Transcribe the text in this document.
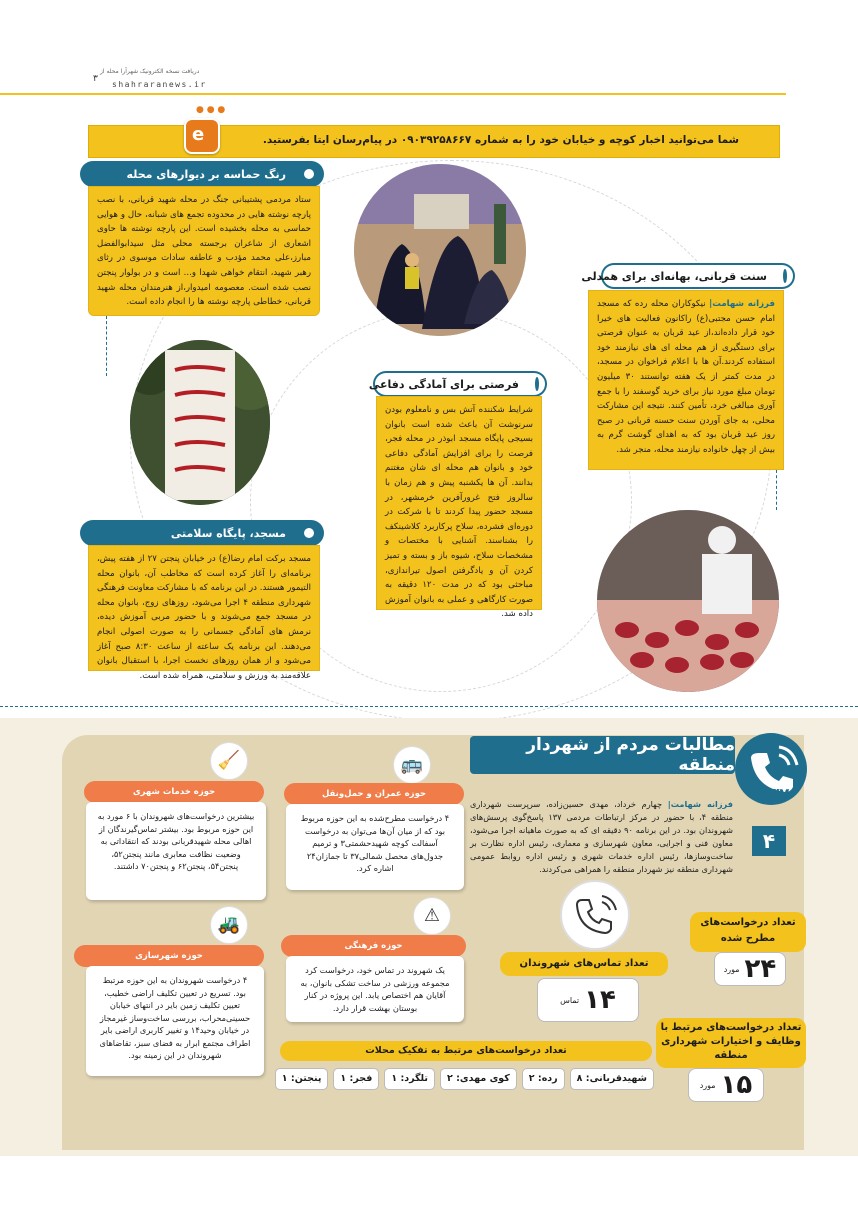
دریافت نسخه الکترونیک شهرآرا محله از
shahraranews.ir
۳
شما می‌توانید اخبار کوچه و خیابان خود را به شماره ۰۹۰۳۹۲۵۸۶۶۷ در پیام‌رسان ایتا بفرستید.
● ● ●
e
رنگ حماسه بر دیوارهای محله
ستاد مردمی پشتیبانی جنگ در محله شهید قربانی، با نصب پارچه نوشته هایی در محدوده تجمع های شبانه، حال و هوایی حماسی به محله بخشیده است. این پارچه نوشته ها حاوی اشعاری از شاعران برجسته محلی مثل سیدابوالفضل مبارز،علی محمد مؤدب و عاطفه سادات موسوی در رثای رهبر شهید، انتقام خواهی شهدا و... است و در بولوار پنجتن نصب شده است. معصومه امیدوار،از هنرمندان محله شهید قربانی، خطاطی پارچه نوشته ها را انجام داده است.
سنت قربانی، بهانه‌ای برای همدلی
فرزانه شهامت| نیکوکاران محله رده که مسجد امام حسن مجتبی(ع) راکانون فعالیت های خیرا خود قرار داده‌اند،از عید قربان به عنوان فرصتی برای دستگیری از هم محله ای های نیازمند خود استفاده کردند.آن ها با اعلام فراخوان در مسجد، در مدت کمتر از یک هفته توانستند ۳۰ میلیون تومان مبلغ مورد نیاز برای خرید گوسفند را با جمع آوری مبالغی خرد، تأمین کنند. نتیجه این مشارکت محلی، به جای آوردن سنت حسنه قربانی در صبح روز عید قربان بود که به اهدای گوشت گرم به بیش از چهل خانواده نیازمند محله، منجر شد.
فرصتی برای آمادگی دفاعی
شرایط شکننده آتش بس و نامعلوم بودن سرنوشت آن باعث شده است بانوان بسیجی پایگاه مسجد ابوذر در محله فجر، فرصت را برای افزایش آمادگی دفاعی خود و بانوان هم محله ای شان مغتنم بدانند. آن ها یکشنبه پیش و هم زمان با سالروز فتح غرورآفرین خرمشهر، در مسجد حضور پیدا کردند تا با شرکت در دوره‌ای فشرده، سلاح پرکاربرد کلاشینکف را بشناسند. آشنایی با مختصات و مشخصات سلاح، شیوه باز و بسته و تمیز کردن آن و یادگرفتن اصول تیراندازی، مباحثی بود که در مدت ۱۲۰ دقیقه به صورت کارگاهی و عملی به بانوان آموزش داده شد.
مسجد، پایگاه سلامتی
مسجد برکت امام رضا(ع) در خیابان پنجتن ۲۷ از هفته پیش، برنامه‌ای را آغاز کرده است که مخاطب آن، بانوان محله التیمور هستند. در این برنامه که با مشارکت معاونت فرهنگی شهرداری منطقه ۴ اجرا می‌شود، روزهای زوج، بانوان محله در مسجد جمع می‌شوند و با حضور مربی آموزش دیده، نرمش های آمادگی جسمانی را به صورت اصولی انجام می‌دهند. این برنامه یک ساعته از ساعت ۸:۳۰ صبح آغاز می‌شود و از همان روزهای نخست اجرا، با استقبال بانوان علاقه‌مند به ورزش و سلامتی، همراه شده است.
مطالبات مردم از شهردار منطقه
۱۳۷
فرزانه شهامت| چهارم خرداد، مهدی حسین‌زاده، سرپرست شهرداری منطقه ۴، با حضور در مرکز ارتباطات مردمی ۱۳۷ پاسخ‌گوی پرسش‌های شهروندان بود. در این برنامه ۹۰ دقیقه ای که به صورت ماهیانه اجرا می‌شود، معاون فنی و اجرایی، معاون شهرسازی و معماری، رئیس اداره نظارت بر ساخت‌وسازها، رئیس اداره خدمات شهری و رئیس اداره روابط عمومی شهرداری منطقه نیز شهردار منطقه را همراهی می‌کردند.
۴
🧹
حوزه خدمات شهری
بیشترین درخواست‌های شهروندان با ۶ مورد به این حوزه مربوط بود. بیشتر تماس‌گیرندگان از اهالی محله شهیدقربانی بودند که انتقاداتی به وضعیت نظافت معابری مانند پنجتن۵۲، پنجتن۵۴، پنجتن۶۲ و پنجتن۷۰ داشتند.
🚌
حوزه عمران و حمل‌ونقل
۴ درخواست مطرح‌شده به این حوزه مربوط بود که از میان آن‌ها می‌توان به درخواست آسفالت کوچه شهیدحشمتی۳ و ترمیم جدول‌های محصل شمالی۳۷ تا جمازان۲۴ اشاره کرد.
⚠
حوزه فرهنگی
یک شهروند در تماس خود، درخواست کرد مجموعه ورزشی در ساخت تشکی بانوان، به آقایان هم اختصاص یابد. این پروژه در کنار بوستان بهشت قرار دارد.
🚜
حوزه شهرسازی
۴ درخواست شهروندان به این حوزه مرتبط بود. تسریع در تعیین تکلیف اراضی خطیب، تعیین تکلیف زمین بایر در انتهای خیابان حسینی‌محراب، بررسی ساخت‌وساز غیرمجاز در خیابان وحید۱۴ و تغییر کاربری اراضی بایر اطراف مجتمع ابرار به فضای سبز، تقاضاهای شهروندان در این زمینه بود.
تعداد تماس‌های شهروندان
۱۴
تماس
تعداد درخواست‌های مطرح شده
۲۴
مورد
تعداد درخواست‌های مرتبط با وظایف و اختیارات شهرداری منطقه
۱۵
مورد
تعداد درخواست‌های مرتبط به تفکیک محلات
شهیدقربانی: ۸
رده: ۲
کوی مهدی: ۲
تلگرد: ۱
فجر: ۱
پنجتن: ۱
